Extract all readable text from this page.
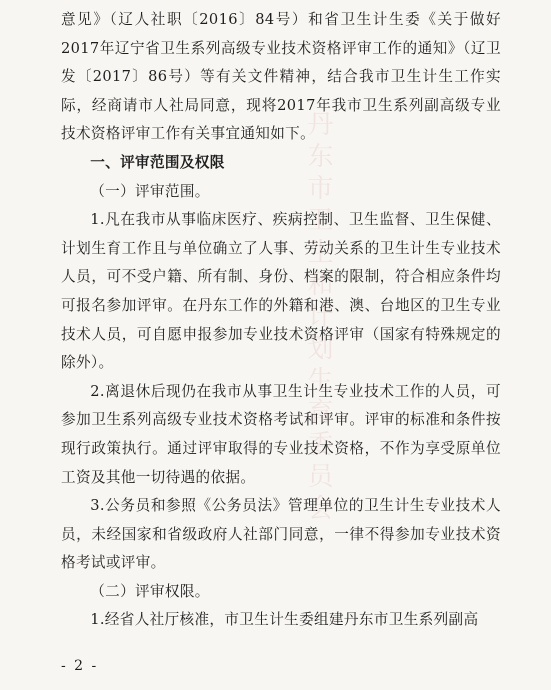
丹东市卫生和计划生育委员会

意见》（辽人社职〔2016〕84号）和省卫生计生委《关于做好2017年辽宁省卫生系列高级专业技术资格评审工作的通知》（辽卫发〔2017〕86号）等有关文件精神，结合我市卫生计生工作实际，经商请市人社局同意，现将2017年我市卫生系列副高级专业技术资格评审工作有关事宜通知如下。

一、评审范围及权限

（一）评审范围。

1.凡在我市从事临床医疗、疾病控制、卫生监督、卫生保健、计划生育工作且与单位确立了人事、劳动关系的卫生计生专业技术人员，可不受户籍、所有制、身份、档案的限制，符合相应条件均可报名参加评审。在丹东工作的外籍和港、澳、台地区的卫生专业技术人员，可自愿申报参加专业技术资格评审（国家有特殊规定的除外）。

2.离退休后现仍在我市从事卫生计生专业技术工作的人员，可参加卫生系列高级专业技术资格考试和评审。评审的标准和条件按现行政策执行。通过评审取得的专业技术资格，不作为享受原单位工资及其他一切待遇的依据。

3.公务员和参照《公务员法》管理单位的卫生计生专业技术人员，未经国家和省级政府人社部门同意，一律不得参加专业技术资格考试或评审。

（二）评审权限。

1.经省人社厅核准，市卫生计生委组建丹东市卫生系列副高

- 2 -
